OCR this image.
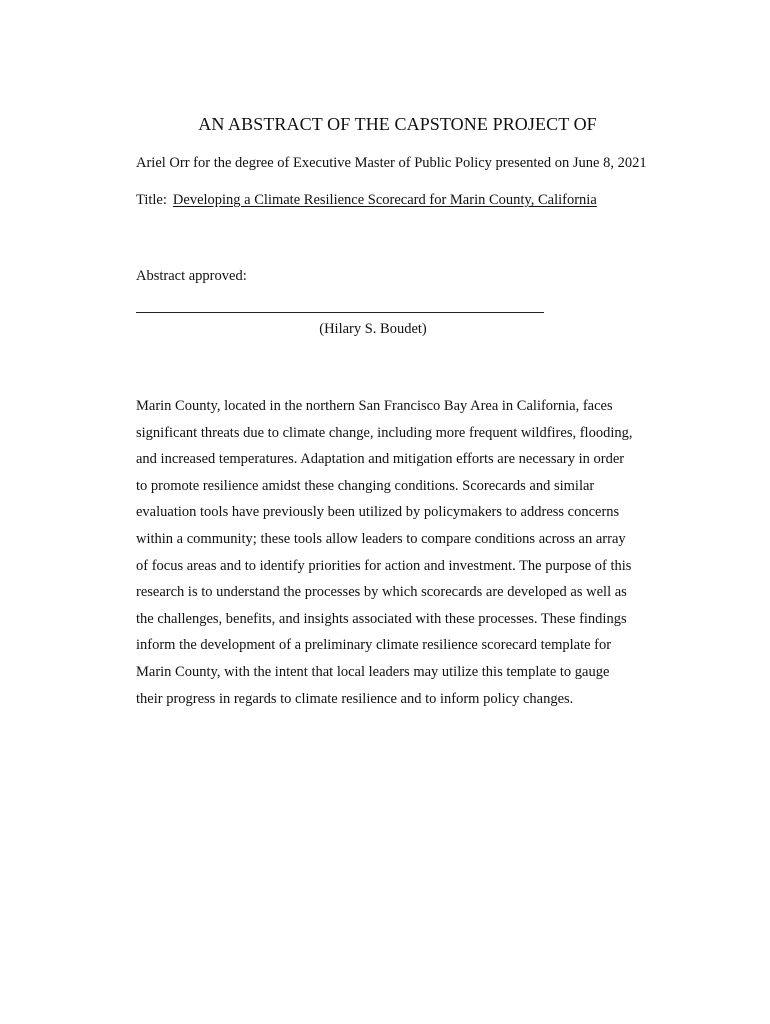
AN ABSTRACT OF THE CAPSTONE PROJECT OF
Ariel Orr for the degree of Executive Master of Public Policy presented on June 8, 2021
Title: Developing a Climate Resilience Scorecard for Marin County, California
Abstract approved:
(Hilary S. Boudet)
Marin County, located in the northern San Francisco Bay Area in California, faces
significant threats due to climate change, including more frequent wildfires, flooding,
and increased temperatures. Adaptation and mitigation efforts are necessary in order
to promote resilience amidst these changing conditions. Scorecards and similar
evaluation tools have previously been utilized by policymakers to address concerns
within a community; these tools allow leaders to compare conditions across an array
of focus areas and to identify priorities for action and investment. The purpose of this
research is to understand the processes by which scorecards are developed as well as
the challenges, benefits, and insights associated with these processes. These findings
inform the development of a preliminary climate resilience scorecard template for
Marin County, with the intent that local leaders may utilize this template to gauge
their progress in regards to climate resilience and to inform policy changes.
